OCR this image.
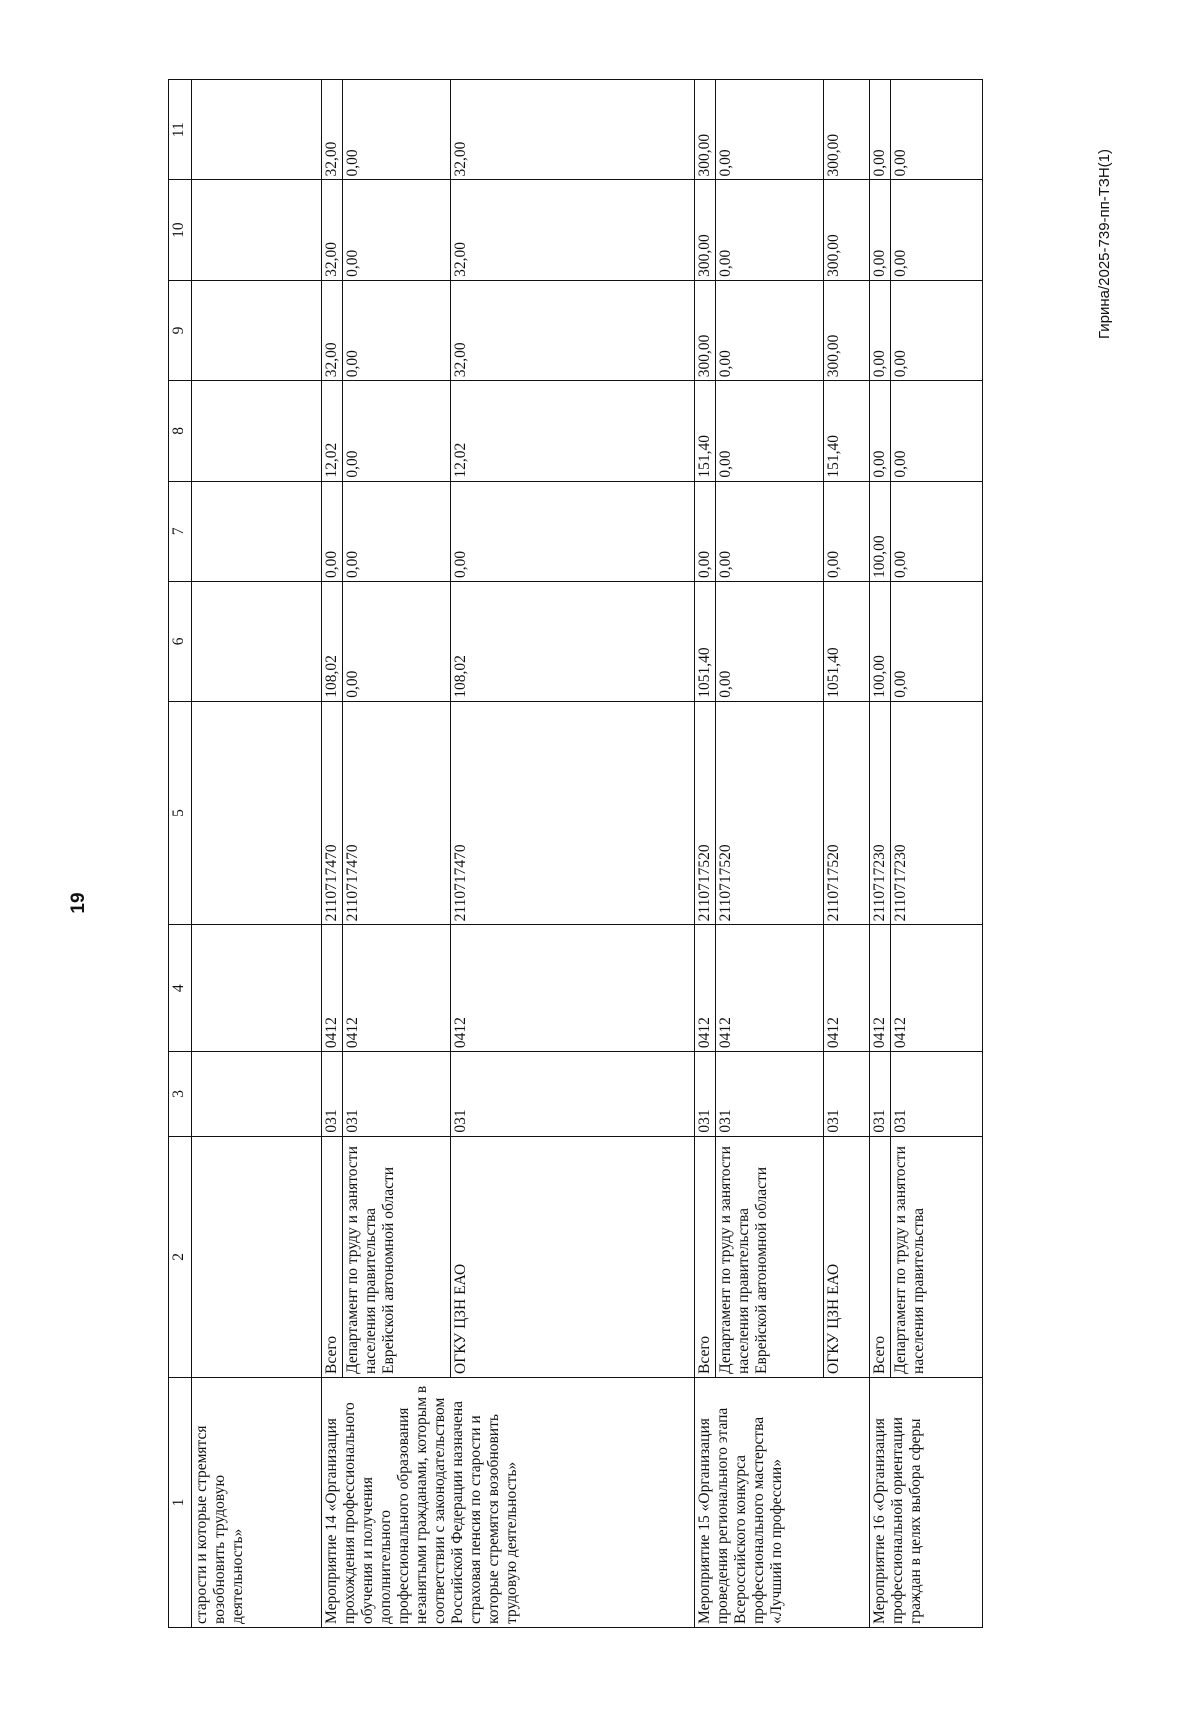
19
1	2	3	4	5	6	7	8	9	10	11
старости и которые стремятся возобновить трудовую деятельность»										
Мероприятие 14 «Организация прохождения профессионального обучения и получения дополнительного профессионального образования незанятыми гражданами, которым в соответствии с законодательством Российской Федерации назначена страховая пенсия по старости и которые стремятся возобновить трудовую деятельность»	Всего	031	0412	2110717470	108,02	0,00	12,02	32,00	32,00	32,00
	Департамент по труду и занятости населения правительства Еврейской автономной области	031	0412	2110717470	0,00	0,00	0,00	0,00	0,00	0,00
	ОГКУ ЦЗН ЕАО	031	0412	2110717470	108,02	0,00	12,02	32,00	32,00	32,00
Мероприятие 15 «Организация проведения регионального этапа Всероссийского конкурса профессионального мастерства «Лучший по профессии»	Всего	031	0412	2110717520	1051,40	0,00	151,40	300,00	300,00	300,00
	Департамент по труду и занятости населения правительства Еврейской автономной области	031	0412	2110717520	0,00	0,00	0,00	0,00	0,00	0,00
	ОГКУ ЦЗН ЕАО	031	0412	2110717520	1051,40	0,00	151,40	300,00	300,00	300,00
Мероприятие 16 «Организация профессиональной ориентации граждан в целях выбора сферы	Всего	031	0412	2110717230	100,00	100,00	0,00	0,00	0,00	0,00
	Департамент по труду и занятости населения правительства	031	0412	2110717230	0,00	0,00	0,00	0,00	0,00	0,00	Гирина/2025-739-пп-ТЗН(1)
